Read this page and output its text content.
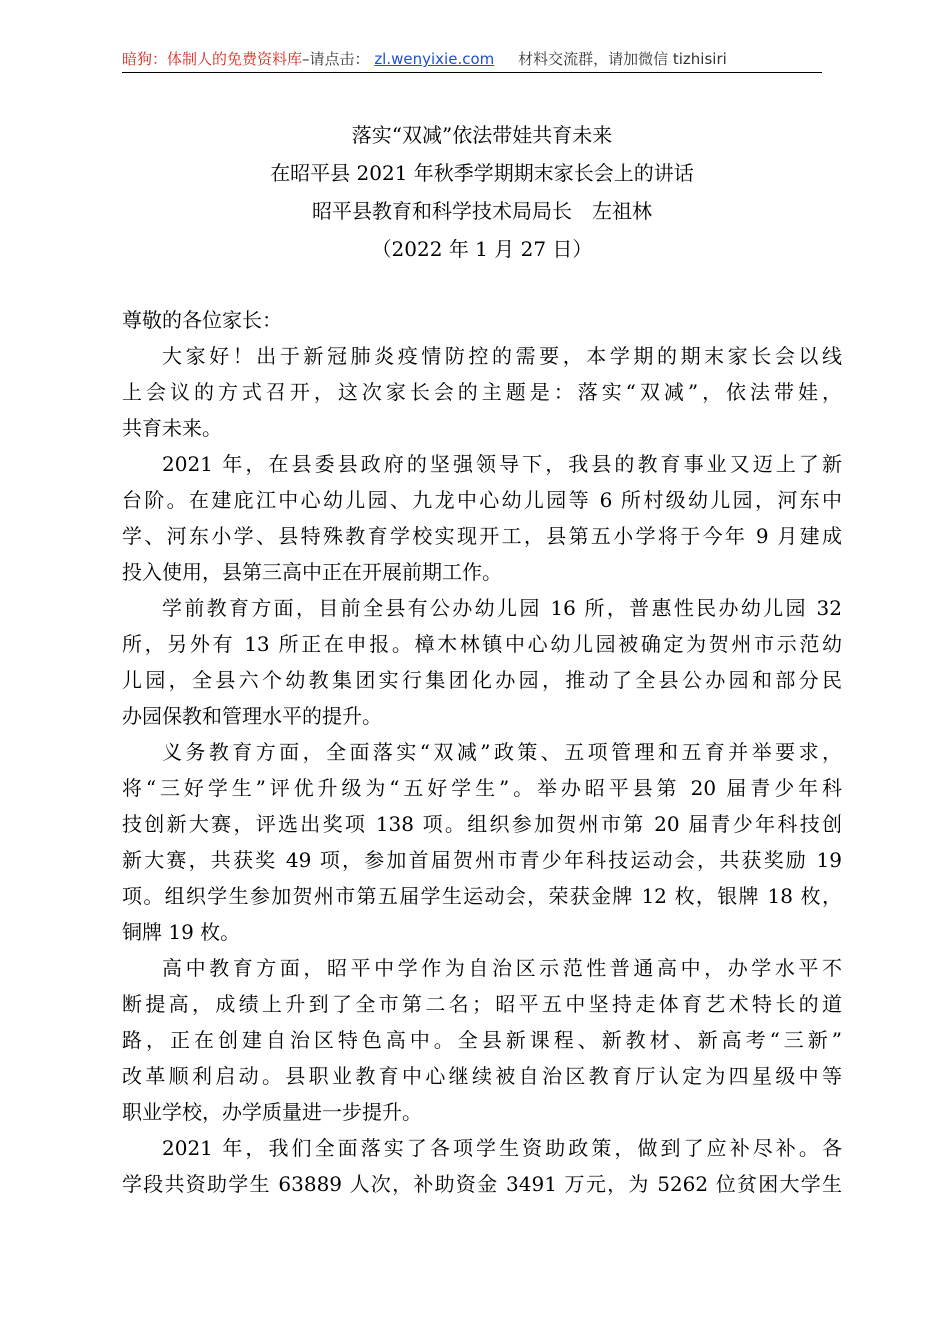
暗狗：体制人的免费资料库–请点击： zl.wenyixie.com 材料交流群，请加微信 tizhisiri
落实“双减”依法带娃共育未来
在昭平县 2021 年秋季学期期末家长会上的讲话
昭平县教育和科学技术局局长　左祖林
（2022 年 1 月 27 日）
尊敬的各位家长：
大家好！出于新冠肺炎疫情防控的需要，本学期的期末家长会以线
上会议的方式召开，这次家长会的主题是：落实“双减”，依法带娃，
共育未来。
2021 年，在县委县政府的坚强领导下，我县的教育事业又迈上了新
台阶。在建庇江中心幼儿园、九龙中心幼儿园等 6 所村级幼儿园，河东中
学、河东小学、县特殊教育学校实现开工，县第五小学将于今年 9 月建成
投入使用，县第三高中正在开展前期工作。
学前教育方面，目前全县有公办幼儿园 16 所，普惠性民办幼儿园 32
所，另外有 13 所正在申报。樟木林镇中心幼儿园被确定为贺州市示范幼
儿园，全县六个幼教集团实行集团化办园，推动了全县公办园和部分民
办园保教和管理水平的提升。
义务教育方面，全面落实“双减”政策、五项管理和五育并举要求，
将“三好学生”评优升级为“五好学生”。举办昭平县第 20 届青少年科
技创新大赛，评选出奖项 138 项。组织参加贺州市第 20 届青少年科技创
新大赛，共获奖 49 项，参加首届贺州市青少年科技运动会，共获奖励 19
项。组织学生参加贺州市第五届学生运动会，荣获金牌 12 枚，银牌 18 枚，
铜牌 19 枚。
高中教育方面，昭平中学作为自治区示范性普通高中，办学水平不
断提高，成绩上升到了全市第二名；昭平五中坚持走体育艺术特长的道
路，正在创建自治区特色高中。全县新课程、新教材、新高考“三新”
改革顺利启动。县职业教育中心继续被自治区教育厅认定为四星级中等
职业学校，办学质量进一步提升。
2021 年，我们全面落实了各项学生资助政策，做到了应补尽补。各
学段共资助学生 63889 人次，补助资金 3491 万元，为 5262 位贫困大学生
